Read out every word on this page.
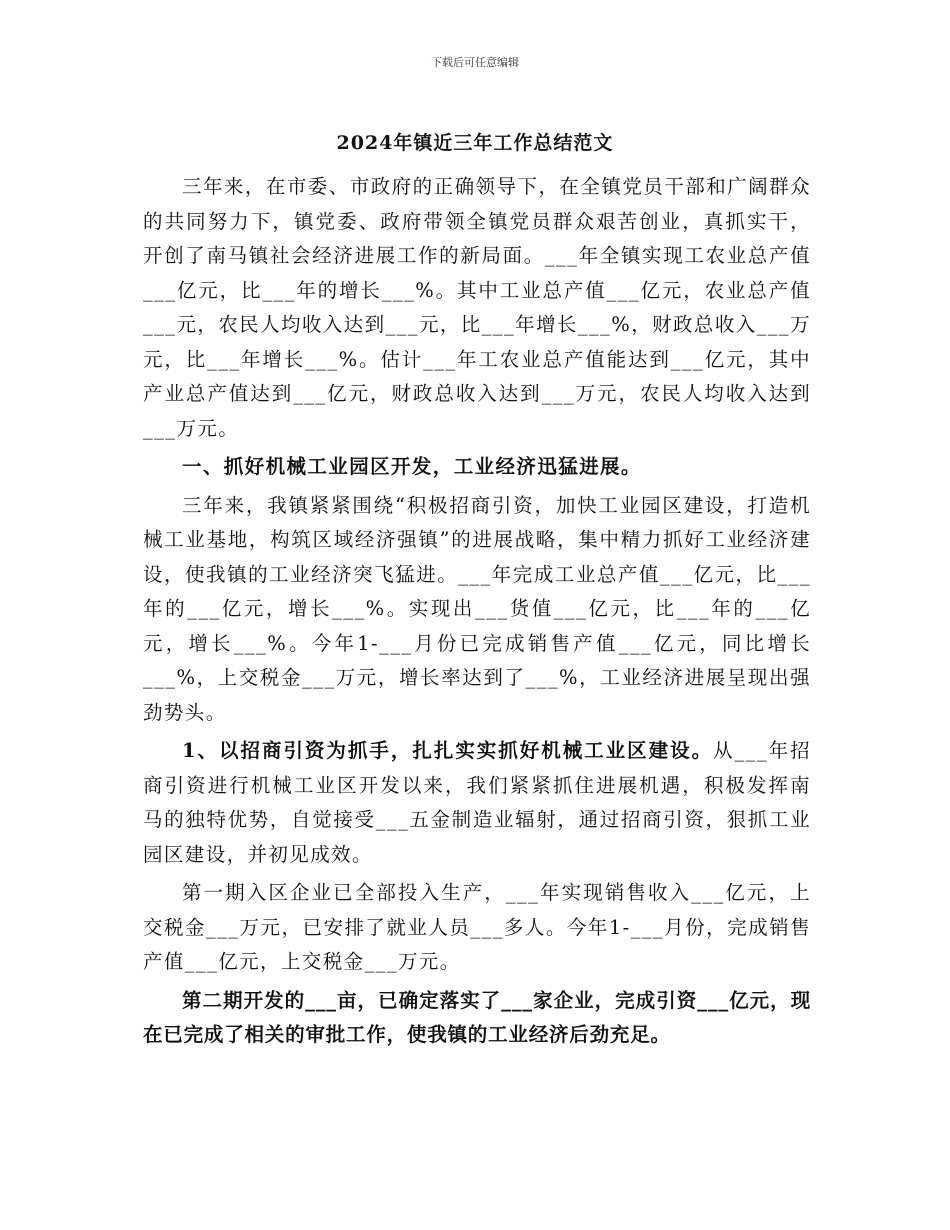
下载后可任意编辑
2024年镇近三年工作总结范文

三年来，在市委、市政府的正确领导下，在全镇党员干部和广阔群众的共同努力下，镇党委、政府带领全镇党员群众艰苦创业，真抓实干，开创了南马镇社会经济进展工作的新局面。___年全镇实现工农业总产值___亿元，比___年的增长___%。其中工业总产值___亿元，农业总产值___元，农民人均收入达到___元，比___年增长___%，财政总收入___万元，比___年增长___%。估计___年工农业总产值能达到___亿元，其中产业总产值达到___亿元，财政总收入达到___万元，农民人均收入达到___万元。

一、抓好机械工业园区开发，工业经济迅猛进展。

三年来，我镇紧紧围绕“积极招商引资，加快工业园区建设，打造机械工业基地，构筑区域经济强镇”的进展战略，集中精力抓好工业经济建设，使我镇的工业经济突飞猛进。___年完成工业总产值___亿元，比___年的___亿元，增长___%。实现出___货值___亿元，比___年的___亿元，增长___%。今年1-___月份已完成销售产值___亿元，同比增长___%，上交税金___万元，增长率达到了___%，工业经济进展呈现出强劲势头。

1、以招商引资为抓手，扎扎实实抓好机械工业区建设。从___年招商引资进行机械工业区开发以来，我们紧紧抓住进展机遇，积极发挥南马的独特优势，自觉接受___五金制造业辐射，通过招商引资，狠抓工业园区建设，并初见成效。

第一期入区企业已全部投入生产，___年实现销售收入___亿元，上交税金___万元，已安排了就业人员___多人。今年1-___月份，完成销售产值___亿元，上交税金___万元。

第二期开发的___亩，已确定落实了___家企业，完成引资___亿元，现在已完成了相关的审批工作，使我镇的工业经济后劲充足。
